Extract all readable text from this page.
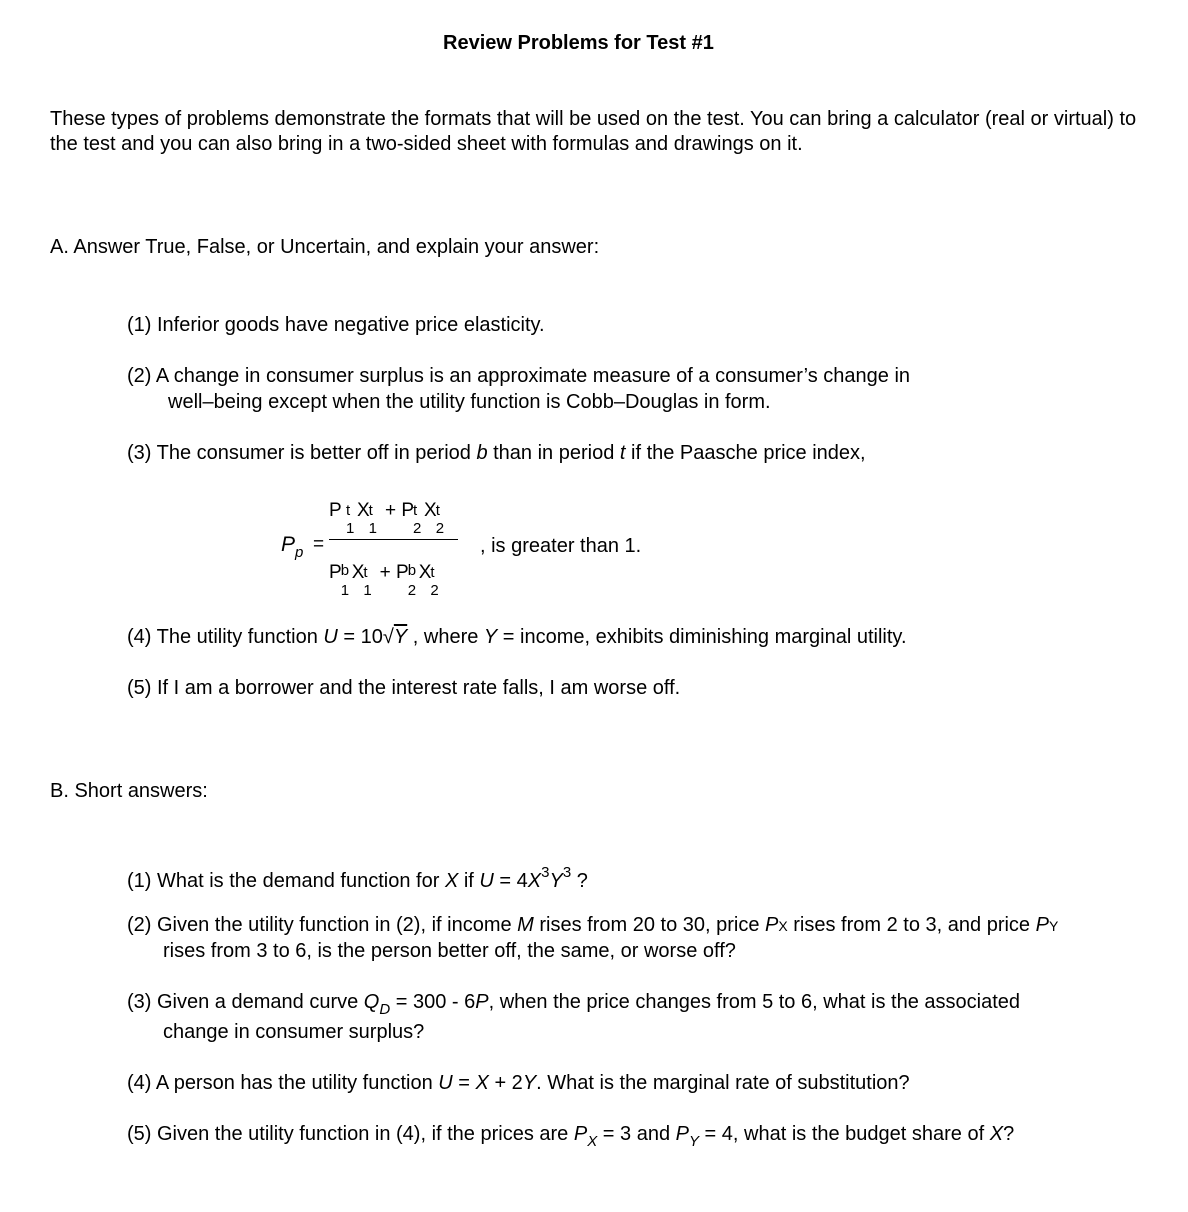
Review Problems for Test #1
These types of problems demonstrate the formats that will be used on the test. You can bring a calculator (real or virtual) to the test and you can also bring in a two-sided sheet with formulas and drawings on it.
A. Answer True, False, or Uncertain, and explain your answer:
(1) Inferior goods have negative price elasticity.
(2) A change in consumer surplus is an approximate measure of a consumer’s change in
well–being except when the utility function is Cobb–Douglas in form.
(3) The consumer is better off in period b than in period t if the Paasche price index,
$P_p$ =
P t
1
X t
1
+ P t
2
X t
2
P b
1
X t
1
+ P b
2
X t
2
, is greater than 1.
(4) The utility function U = 10√Y , where Y = income, exhibits diminishing marginal utility.
(5) If I am a borrower and the interest rate falls, I am worse off.
B. Short answers:
(1) What is the demand function for X if $U = 4X^3Y^3$ ?
(2) Given the utility function in (2), if income M rises from 20 to 30, price PX rises from 2 to 3, and price PY
rises from 3 to 6, is the person better off, the same, or worse off?
(3) Given a demand curve $Q_D = 300 - 6P$, when the price changes from 5 to 6, what is the associated
change in consumer surplus?
(4) A person has the utility function U = X + 2Y. What is the marginal rate of substitution?
(5) Given the utility function in (4), if the prices are $P_X = 3$ and $P_Y = 4$, what is the budget share of X?
